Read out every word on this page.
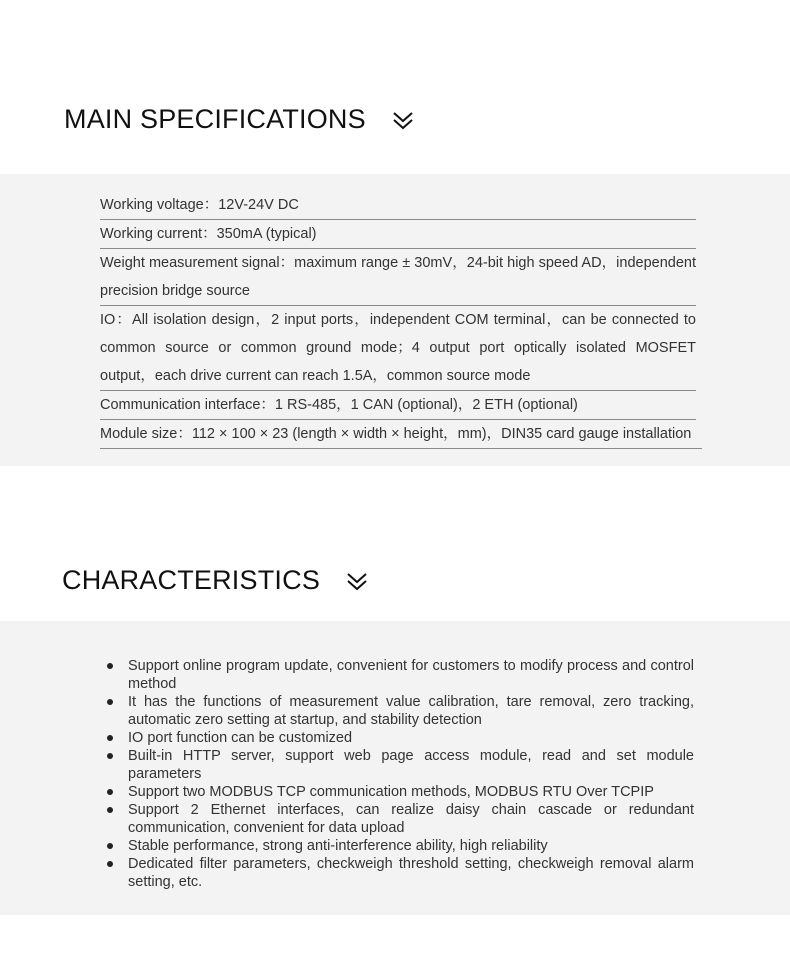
MAIN SPECIFICATIONS
Working voltage：12V-24V DC
Working current：350mA (typical)
Weight measurement signal：maximum range ± 30mV，24-bit high speed AD，independent precision bridge source
IO：All isolation design，2 input ports，independent COM terminal，can be connected to common source or common ground mode；4 output port optically isolated MOSFET output，each drive current can reach 1.5A，common source mode
Communication interface：1 RS-485，1 CAN (optional)，2 ETH (optional)
Module size：112 × 100 × 23 (length × width × height，mm)，DIN35 card gauge installation
CHARACTERISTICS
Support online program update, convenient for customers to modify process and control method
It has the functions of measurement value calibration, tare removal, zero tracking, automatic zero setting at startup, and stability detection
IO port function can be customized
Built-in HTTP server, support web page access module, read and set module parameters
Support two MODBUS TCP communication methods, MODBUS RTU Over TCPIP
Support 2 Ethernet interfaces, can realize daisy chain cascade or redundant communication, convenient for data upload
Stable performance, strong anti-interference ability, high reliability
Dedicated filter parameters, checkweigh threshold setting, checkweigh removal alarm setting, etc.
